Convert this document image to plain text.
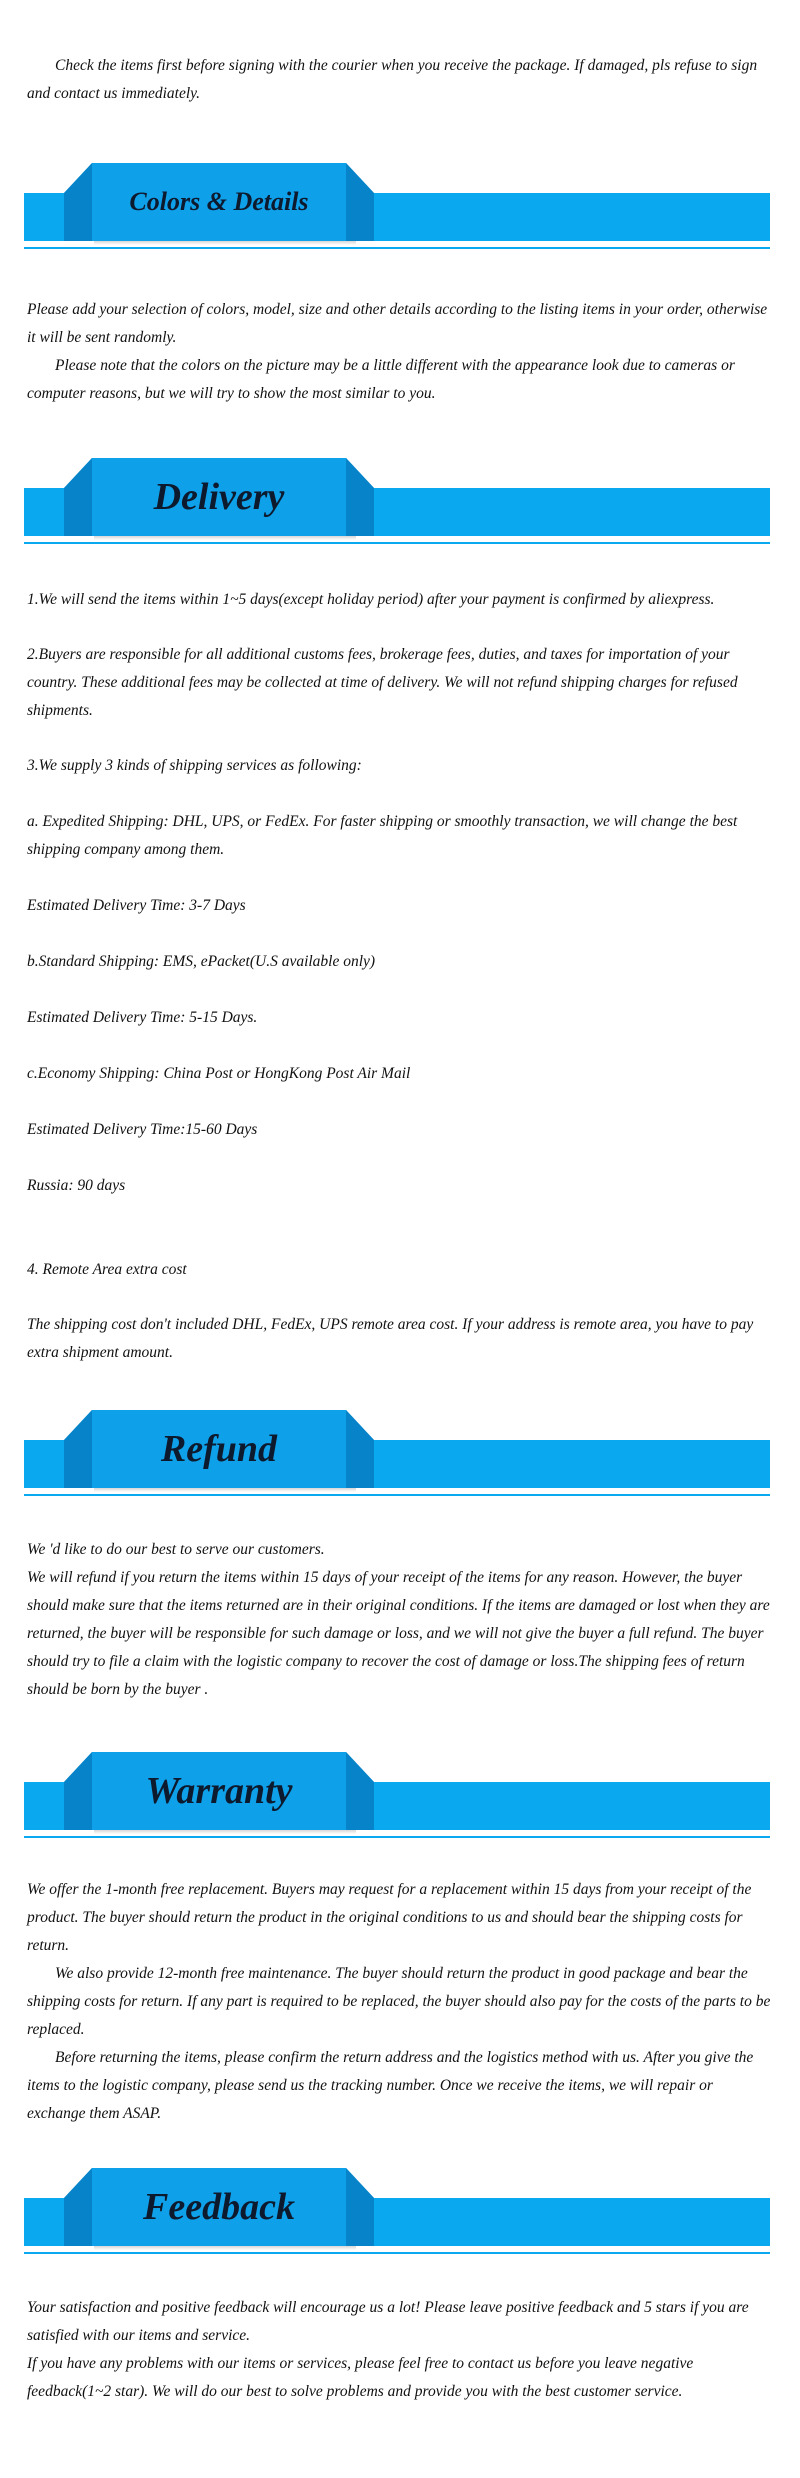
Check the items first before signing with the courier when you receive the package. If damaged, pls refuse to sign and contact us immediately.

Colors & Details

Please add your selection of colors, model, size and other details according to the listing items in your order, otherwise it will be sent randomly.

Please note that the colors on the picture may be a little different with the appearance look due to cameras or computer reasons, but we will try to show the most similar to you.

Delivery
1.We will send the items within 1~5 days(except holiday period) after your payment is confirmed by aliexpress.
2.Buyers are responsible for all additional customs fees, brokerage fees, duties, and taxes for importation of your country. These additional fees may be collected at time of delivery. We will not refund shipping charges for refused shipments.
3.We supply 3 kinds of shipping services as following:
a. Expedited Shipping: DHL, UPS, or FedEx. For faster shipping or smoothly transaction, we will change the best shipping company among them.
Estimated Delivery Time: 3-7 Days
b.Standard Shipping: EMS, ePacket(U.S available only)
Estimated Delivery Time: 5-15 Days.
c.Economy Shipping: China Post or HongKong Post Air Mail
Estimated Delivery Time:15-60 Days
Russia: 90 days
4. Remote Area extra cost
The shipping cost don't included DHL, FedEx, UPS remote area cost. If your address is remote area, you have to pay extra shipment amount.
Refund

We 'd like to do our best to serve our customers.

We will refund if you return the items within 15 days of your receipt of the items for any reason. However, the buyer should make sure that the items returned are in their original conditions. If the items are damaged or lost when they are returned, the buyer will be responsible for such damage or loss, and we will not give the buyer a full refund. The buyer should try to file a claim with the logistic company to recover the cost of damage or loss.The shipping fees of return should be born by the buyer .

Warranty

We offer the 1-month free replacement. Buyers may request for a replacement within 15 days from your receipt of the product. The buyer should return the product in the original conditions to us and should bear the shipping costs for return.

We also provide 12-month free maintenance. The buyer should return the product in good package and bear the shipping costs for return. If any part is required to be replaced, the buyer should also pay for the costs of the parts to be replaced.

Before returning the items, please confirm the return address and the logistics method with us. After you give the items to the logistic company, please send us the tracking number. Once we receive the items, we will repair or exchange them ASAP.

Feedback

Your satisfaction and positive feedback will encourage us a lot! Please leave positive feedback and 5 stars if you are satisfied with our items and service.

If you have any problems with our items or services, please feel free to contact us before you leave negative feedback(1~2 star). We will do our best to solve problems and provide you with the best customer service.
